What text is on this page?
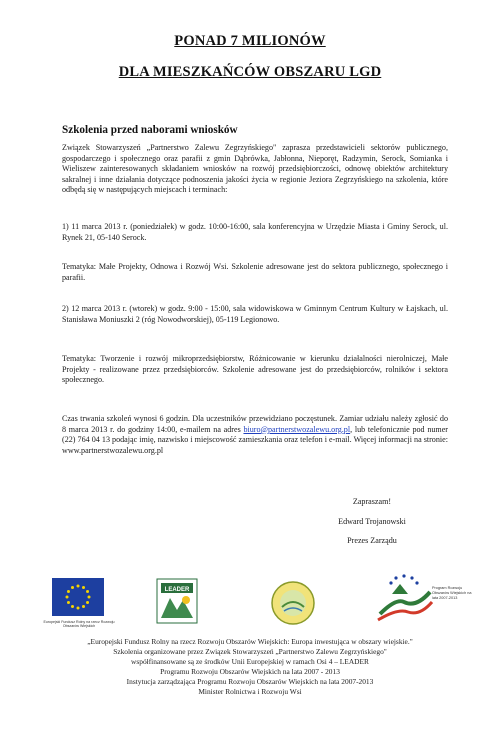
PONAD 7 MILIONÓW
DLA MIESZKAŃCÓW OBSZARU LGD
Szkolenia przed naborami wniosków
Związek Stowarzyszeń „Partnerstwo Zalewu Zegrzyńskiego" zaprasza przedstawicieli sektorów publicznego, gospodarczego i społecznego oraz parafii z gmin Dąbrówka, Jabłonna, Nieporęt, Radzymin, Serock, Somianka i Wieliszew zainteresowanych składaniem wniosków na rozwój przedsiębiorczości, odnowę obiektów architektury sakralnej i inne działania dotyczące podnoszenia jakości życia w regionie Jeziora Zegrzyńskiego na szkolenia, które odbędą się w następujących miejscach i terminach:
1) 11 marca 2013 r. (poniedziałek) w godz. 10:00-16:00, sala konferencyjna w Urzędzie Miasta i Gminy Serock, ul. Rynek 21, 05-140 Serock.
Tematyka: Małe Projekty, Odnowa i Rozwój Wsi. Szkolenie adresowane jest do sektora publicznego, społecznego i parafii.
2) 12 marca 2013 r. (wtorek) w godz. 9:00 - 15:00, sala widowiskowa w Gminnym Centrum Kultury w Łajskach, ul. Stanisława Moniuszki 2 (róg Nowodworskiej), 05-119 Legionowo.
Tematyka: Tworzenie i rozwój mikroprzedsiębiorstw, Różnicowanie w kierunku działalności nierolniczej, Małe Projekty - realizowane przez przedsiębiorców. Szkolenie adresowane jest do przedsiębiorców, rolników i sektora społecznego.
Czas trwania szkoleń wynosi 6 godzin. Dla uczestników przewidziano poczęstunek. Zamiar udziału należy zgłosić do 8 marca 2013 r. do godziny 14:00, e-mailem na adres biuro@partnerstwozalewu.org.pl, lub telefonicznie pod numer (22) 764 04 13 podając imię, nazwisko i miejscowość zamieszkania oraz telefon i e-mail. Więcej informacji na stronie: www.partnerstwozalewu.org.pl
Zapraszam!
Edward Trojanowski
Prezes Zarządu
Europejski Fundusz Rolny na rzecz Rozwoju Obszarów Wiejskich
LEADER	Program Rozwoju Obszarów Wiejskich na lata 2007-2013
„Europejski Fundusz Rolny na rzecz Rozwoju Obszarów Wiejskich: Europa inwestująca w obszary wiejskie."
Szkolenia organizowane przez Związek Stowarzyszeń „Partnerstwo Zalewu Zegrzyńskiego"
współfinansowane są ze środków Unii Europejskiej w ramach Osi 4 – LEADER
Programu Rozwoju Obszarów Wiejskich na lata 2007 - 2013
Instytucja zarządzająca Programu Rozwoju Obszarów Wiejskich na lata 2007-2013
Minister Rolnictwa i Rozwoju Wsi
